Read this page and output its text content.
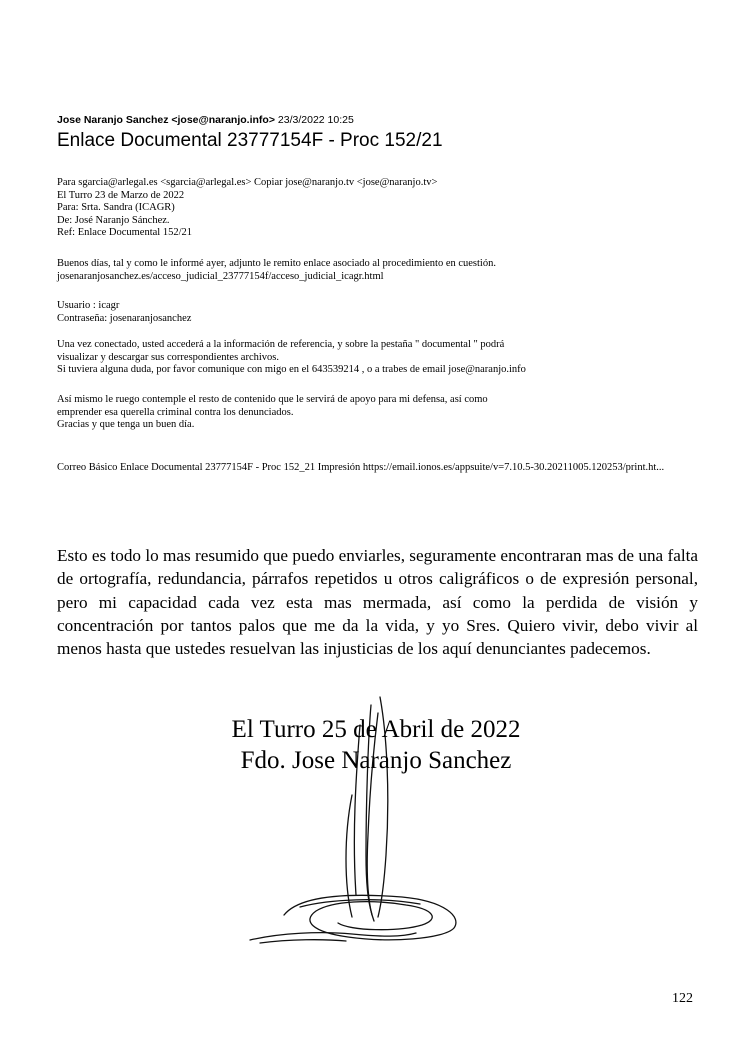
Jose Naranjo Sanchez <jose@naranjo.info> 23/3/2022 10:25
Enlace Documental 23777154F - Proc 152/21
Para sgarcia@arlegal.es <sgarcia@arlegal.es> Copiar jose@naranjo.tv <jose@naranjo.tv>
El Turro 23 de Marzo de 2022
Para: Srta. Sandra (ICAGR)
De: José Naranjo Sánchez.
Ref: Enlace Documental 152/21
Buenos días, tal y como le informé ayer, adjunto le remito enlace asociado al procedimiento en cuestión.
josenaranjosanchez.es/acceso_judicial_23777154f/acceso_judicial_icagr.html
Usuario : icagr
Contraseña: josenaranjosanchez
Una vez conectado, usted accederá a la información de referencia, y sobre la pestaña " documental " podrá
visualizar y descargar sus correspondientes archivos.
Si tuviera alguna duda, por favor comunique con migo en el 643539214 , o a trabes de email jose@naranjo.info
Así mismo le ruego contemple el resto de contenido que le servirá de apoyo para mi defensa, así como
emprender esa querella criminal contra los denunciados.
Gracias y que tenga un buen día.
Correo Básico Enlace Documental 23777154F - Proc 152_21 Impresión https://email.ionos.es/appsuite/v=7.10.5-30.20211005.120253/print.ht...
Esto es todo lo mas resumido que puedo enviarles, seguramente encontraran mas de una falta de ortografía, redundancia, párrafos repetidos u otros caligráficos o de expresión personal, pero mi capacidad cada vez esta mas mermada, así como la perdida de visión y concentración por tantos palos que me da la vida, y yo Sres. Quiero vivir, debo vivir al menos hasta que ustedes resuelvan las injusticias de los aquí denunciantes padecemos.
El Turro 25 de Abril de 2022
Fdo. Jose Naranjo Sanchez
122
